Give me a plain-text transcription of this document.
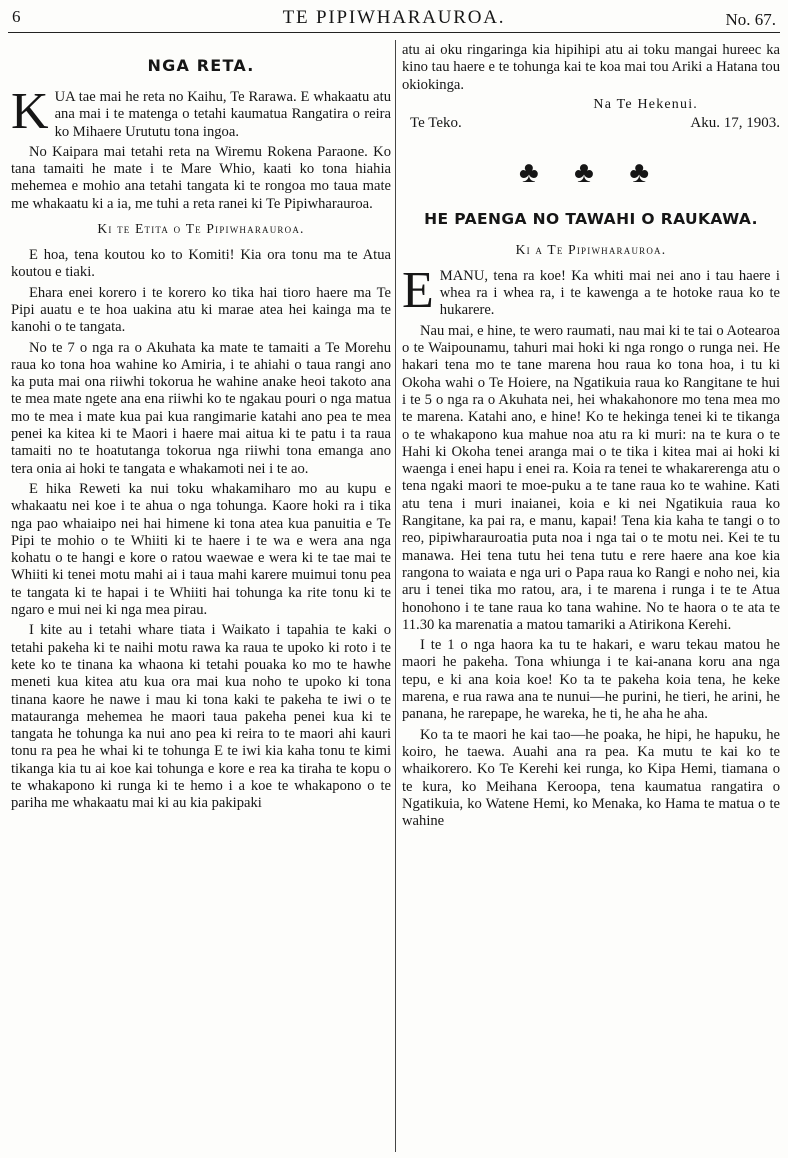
6	TE PIPIWHARAUROA.	No. 67.
NGA RETA.

KUA tae mai he reta no Kaihu, Te Rarawa. E whakaatu atu ana mai i te matenga o tetahi kaumatua Rangatira o reira ko Mihaere Urututu tona ingoa.

No Kaipara mai tetahi reta na Wiremu Rokena Paraone. Ko tana tamaiti he mate i te Mare Whio, kaati ko tona hiahia mehemea e mohio ana tetahi tangata ki te rongoa mo taua mate me whakaatu ki a ia, me tuhi a reta ranei ki Te Pipiwharauroa.

Ki te Etita o Te Pipiwharauroa.

E hoa, tena koutou ko to Komiti! Kia ora tonu ma te Atua koutou e tiaki.

Ehara enei korero i te korero ko tika hai tioro haere ma Te Pipi auatu e te hoa uakina atu ki marae atea hei kainga ma te kanohi o te tangata.

No te 7 o nga ra o Akuhata ka mate te tamaiti a Te Morehu raua ko tona hoa wahine ko Amiria, i te ahiahi o taua rangi ano ka puta mai ona riiwhi tokorua he wahine anake heoi takoto ana te mea mate ngete ana ena riiwhi ko te ngakau pouri o nga matua mo te mea i mate kua pai kua rangimarie katahi ano pea te mea penei ka kitea ki te Maori i haere mai aitua ki te patu i ta raua tamaiti no te hoatutanga tokorua nga riiwhi tona emanga ano tera onia ai hoki te tangata e whakamoti nei i te ao.

E hika Reweti ka nui toku whakamiharo mo au kupu e whakaatu nei koe i te ahua o nga tohunga. Kaore hoki ra i tika nga pao whaiaipo nei hai himene ki tona atea kua panuitia e Te Pipi te mohio o te Whiiti ki te haere i te wa e wera ana nga kohatu o te hangi e kore o ratou waewae e wera ki te tae mai te Whiiti ki tenei motu mahi ai i taua mahi karere muimui tonu pea te tangata ki te hapai i te Whiiti hai tohunga ka rite tonu ki te ngaro e mui nei ki nga mea pirau.

I kite au i tetahi whare tiata i Waikato i tapahia te kaki o tetahi pakeha ki te naihi motu rawa ka raua te upoko ki roto i te kete ko te tinana ka whaona ki tetahi pouaka ko mo te hawhe meneti kua kitea atu kua ora mai kua noho te upoko ki tona tinana kaore he nawe i mau ki tona kaki te pakeha te iwi o te matauranga mehemea he maori taua pakeha penei kua ki te tangata he tohunga ka nui ano pea ki reira to te maori ahi kauri tonu ra pea he whai ki te tohunga E te iwi kia kaha tonu te kimi tikanga kia tu ai koe kai tohunga e kore e rea ka tiraha te kopu o te whakapono ki runga ki te hemo i a koe te whakapono o te pariha me whakaatu mai ki au kia pakipaki

atu ai oku ringaringa kia hipihipi atu ai toku mangai hureec ka kino tau haere e te tohunga kai te koa mai tou Ariki a Hatana tou okiokinga.

Na Te Hekenui.
Te Teko.	Aku. 17, 1903.
♣ ♣ ♣
HE PAENGA NO TAWAHI O RAUKAWA.
Ki a Te Pipiwharauroa.

EMANU, tena ra koe! Ka whiti mai nei ano i tau haere i whea ra i whea ra, i te kawenga a te hotoke raua ko te hukarere.

Nau mai, e hine, te wero raumati, nau mai ki te tai o Aotearoa o te Waipounamu, tahuri mai hoki ki nga rongo o runga nei. He hakari tena mo te tane marena hou raua ko tona hoa, i tu ki Okoha wahi o Te Hoiere, na Ngatikuia raua ko Rangitane te hui i te 5 o nga ra o Akuhata nei, hei whakahonore mo tena mea mo te marena. Katahi ano, e hine! Ko te hekinga tenei ki te tikanga o te whakapono kua mahue noa atu ra ki muri: na te kura o te Hahi ki Okoha tenei aranga mai o te tika i kitea mai ai hoki ki waenga i enei hapu i enei ra. Koia ra tenei te whakarerenga atu o tena ngaki maori te moe-puku a te tane raua ko te wahine. Kati atu tena i muri inaianei, koia e ki nei Ngatikuia raua ko Rangitane, ka pai ra, e manu, kapai! Tena kia kaha te tangi o to reo, pipiwharauroatia puta noa i nga tai o te motu nei. Kei te tu manawa. Hei tena tutu hei tena tutu e rere haere ana koe kia rangona to waiata e nga uri o Papa raua ko Rangi e noho nei, kia aru i tenei tika mo ratou, ara, i te marena i runga i te te Atua honohono i te tane raua ko tana wahine. No te haora o te ata te 11.30 ka marenatia a matou tamariki a Atirikona Kerehi.

I te 1 o nga haora ka tu te hakari, e waru tekau matou he maori he pakeha. Tona whiunga i te kai-anana koru ana nga tepu, e ki ana koia koe! Ko ta te pakeha koia tena, he keke marena, e rua rawa ana te nunui—he purini, he tieri, he arini, he panana, he rarepape, he wareka, he ti, he aha he aha.

Ko ta te maori he kai tao—he poaka, he hipi, he hapuku, he koiro, he taewa. Auahi ana ra pea. Ka mutu te kai ko te whaikorero. Ko Te Kerehi kei runga, ko Kipa Hemi, tiamana o te kura, ko Meihana Keroopa, tena kaumatua rangatira o Ngatikuia, ko Watene Hemi, ko Menaka, ko Hama te matua o te wahine
